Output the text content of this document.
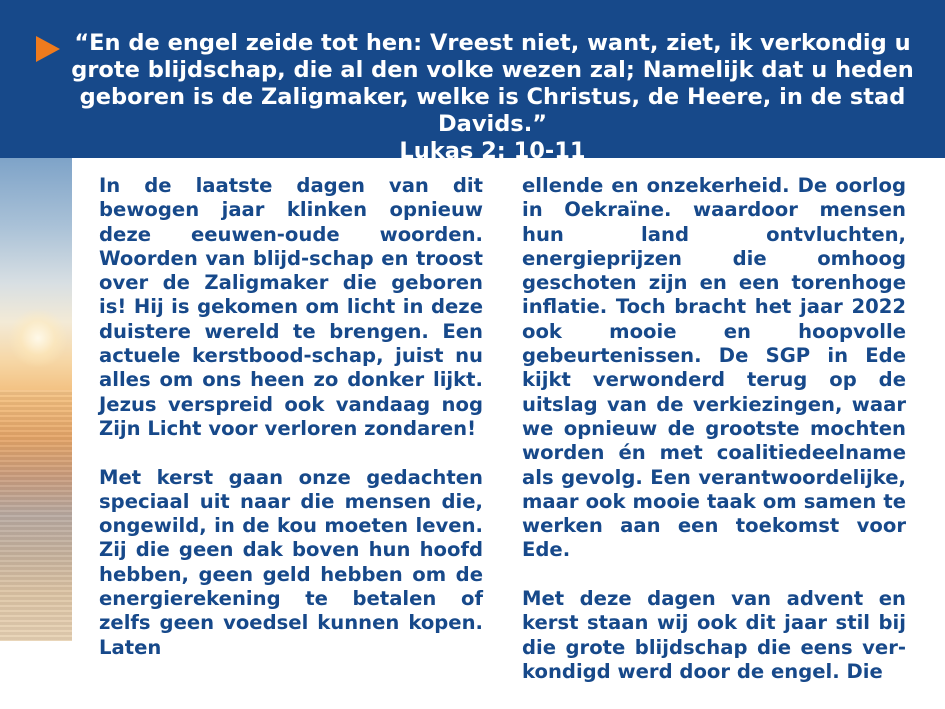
“En de engel zeide tot hen: Vreest niet, want, ziet, ik verkondig u grote blijdschap, die al den volke wezen zal; Namelijk dat u heden geboren is de Zaligmaker, welke is Christus, de Heere, in de stad Davids.”
Lukas 2: 10-11

In de laatste dagen van dit bewogen jaar klinken opnieuw deze eeuwen-oude woorden. Woorden van blijd-schap en troost over de Zaligmaker die geboren is! Hij is gekomen om licht in deze duistere wereld te brengen. Een actuele kerstbood-schap, juist nu alles om ons heen zo donker lijkt. Jezus verspreid ook vandaag nog Zijn Licht voor verloren zondaren!

Met kerst gaan onze gedachten speciaal uit naar die mensen die, ongewild, in de kou moeten leven. Zij die geen dak boven hun hoofd hebben, geen geld hebben om de energierekening te betalen of zelfs geen voedsel kunnen kopen. Laten

ellende en onzekerheid. De oorlog in Oekraïne. waardoor mensen hun land ontvluchten, energieprijzen die omhoog geschoten zijn en een torenhoge inflatie. Toch bracht het jaar 2022 ook mooie en hoopvolle gebeurtenissen. De SGP in Ede kijkt verwonderd terug op de uitslag van de verkiezingen, waar we opnieuw de grootste mochten worden én met coalitiedeelname als gevolg. Een verantwoordelijke, maar ook mooie taak om samen te werken aan een toekomst voor Ede.

Met deze dagen van advent en kerst staan wij ook dit jaar stil bij die grote blijdschap die eens ver-kondigd werd door de engel. Die
